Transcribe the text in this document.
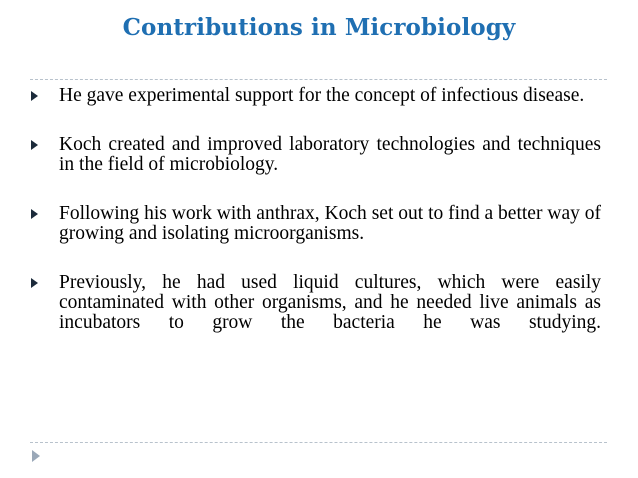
Contributions in Microbiology
He gave experimental support for the concept of infectious disease.
Koch created and improved laboratory technologies and techniques in the field of microbiology.
Following his work with anthrax, Koch set out to find a better way of growing and isolating microorganisms.
Previously, he had used liquid cultures, which were easily contaminated with other organisms, and he needed live animals as incubators to grow the bacteria he was studying.
